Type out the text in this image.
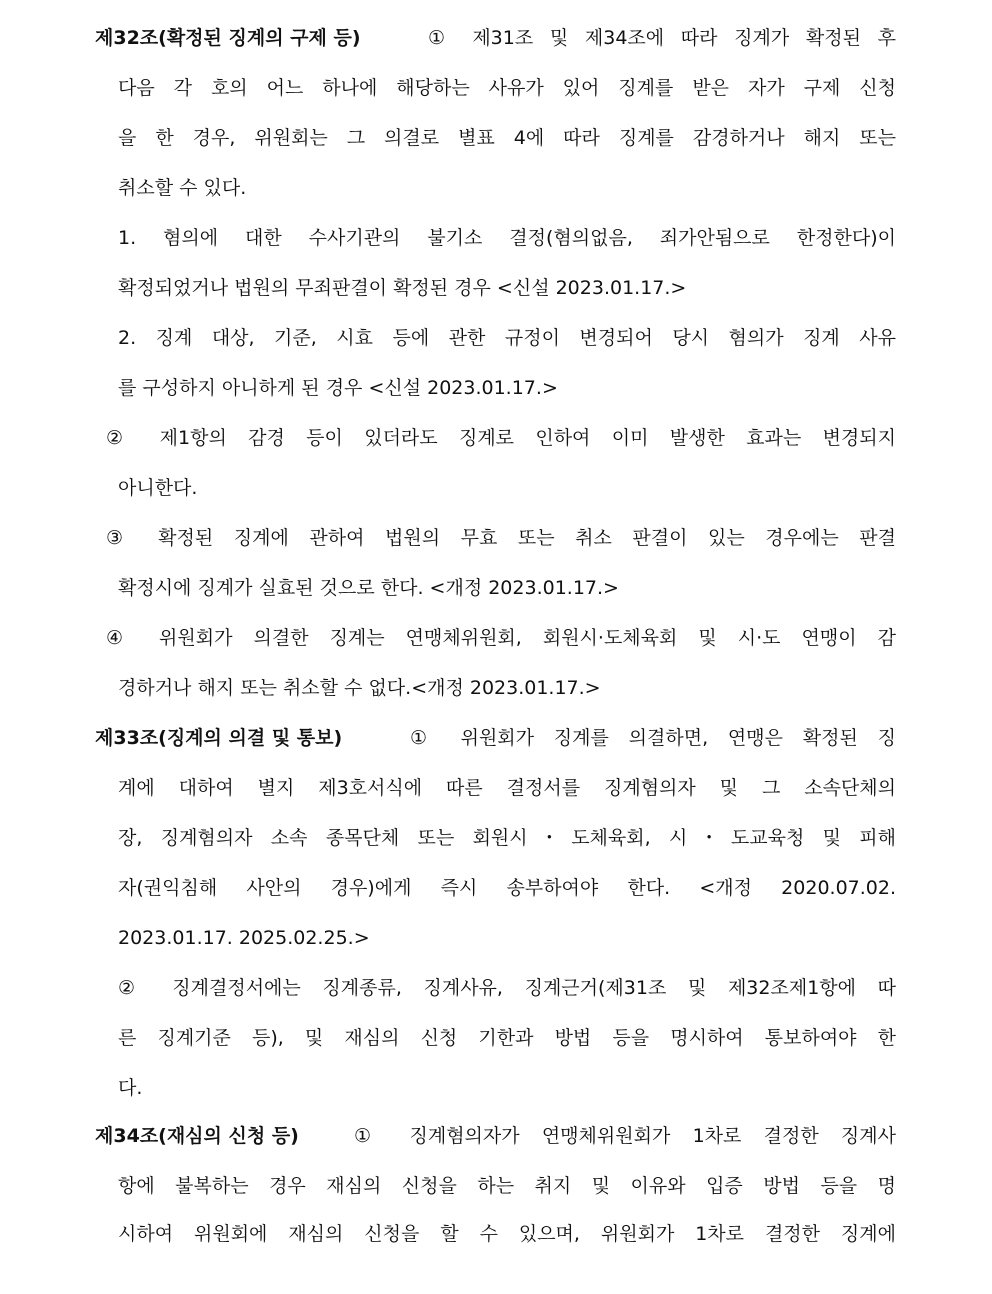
제32조(확정된 징계의 구제 등)

	① 제31조 및 제34조에 따라 징계가 확정된 후

다음 각 호의 어느 하나에 해당하는 사유가 있어 징계를 받은 자가 구제 신청

을 한 경우, 위원회는 그 의결로 별표 4에 따라 징계를 감경하거나 해지 또는

취소할 수 있다.

1. 혐의에 대한 수사기관의 불기소 결정(혐의없음, 죄가안됨으로 한정한다)이

확정되었거나 법원의 무죄판결이 확정된 경우 <신설 2023.01.17.>

2. 징계 대상, 기준, 시효 등에 관한 규정이 변경되어 당시 혐의가 징계 사유

를 구성하지 아니하게 된 경우 <신설 2023.01.17.>

② 제1항의 감경 등이 있더라도 징계로 인하여 이미 발생한 효과는 변경되지

아니한다.

③ 확정된 징계에 관하여 법원의 무효 또는 취소 판결이 있는 경우에는 판결

확정시에 징계가 실효된 것으로 한다. <개정 2023.01.17.>

④ 위원회가 의결한 징계는 연맹체위원회, 회원시·도체육회 및 시·도 연맹이 감

경하거나 해지 또는 취소할 수 없다.<개정 2023.01.17.>

제33조(징계의 의결 및 통보)

	① 위원회가 징계를 의결하면, 연맹은 확정된 징

계에 대하여 별지 제3호서식에 따른 결정서를 징계혐의자 및 그 소속단체의

장, 징계혐의자 소속 종목단체 또는 회원시・도체육회, 시・도교육청 및 피해

자(권익침해 사안의 경우)에게 즉시 송부하여야 한다. <개정 2020.07.02.

2023.01.17. 2025.02.25.>

② 징계결정서에는 징계종류, 징계사유, 징계근거(제31조 및 제32조제1항에 따

른 징계기준 등), 및 재심의 신청 기한과 방법 등을 명시하여 통보하여야 한

다.

제34조(재심의 신청 등)

	① 징계혐의자가 연맹체위원회가 1차로 결정한 징계사

항에 불복하는 경우 재심의 신청을 하는 취지 및 이유와 입증 방법 등을 명

시하여 위원회에 재심의 신청을 할 수 있으며, 위원회가 1차로 결정한 징계에
